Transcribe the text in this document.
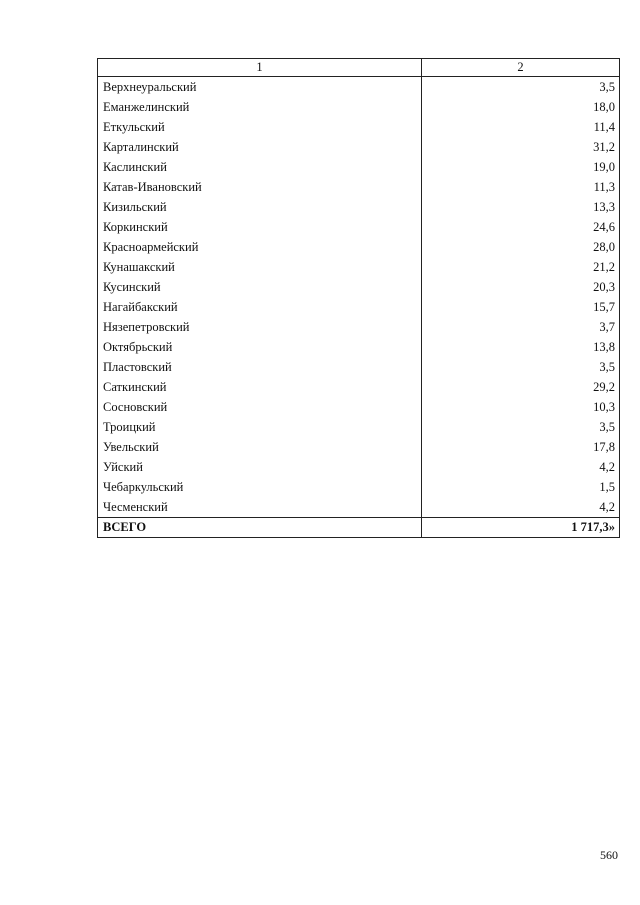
1	2
Верхнеуральский	3,5
Еманжелинский	18,0
Еткульский	11,4
Карталинский	31,2
Каслинский	19,0
Катав-Ивановский	11,3
Кизильский	13,3
Коркинский	24,6
Красноармейский	28,0
Кунашакский	21,2
Кусинский	20,3
Нагайбакский	15,7
Нязепетровский	3,7
Октябрьский	13,8
Пластовский	3,5
Саткинский	29,2
Сосновский	10,3
Троицкий	3,5
Увельский	17,8
Уйский	4,2
Чебаркульский	1,5
Чесменский	4,2
ВСЕГО	1 717,3»
560
